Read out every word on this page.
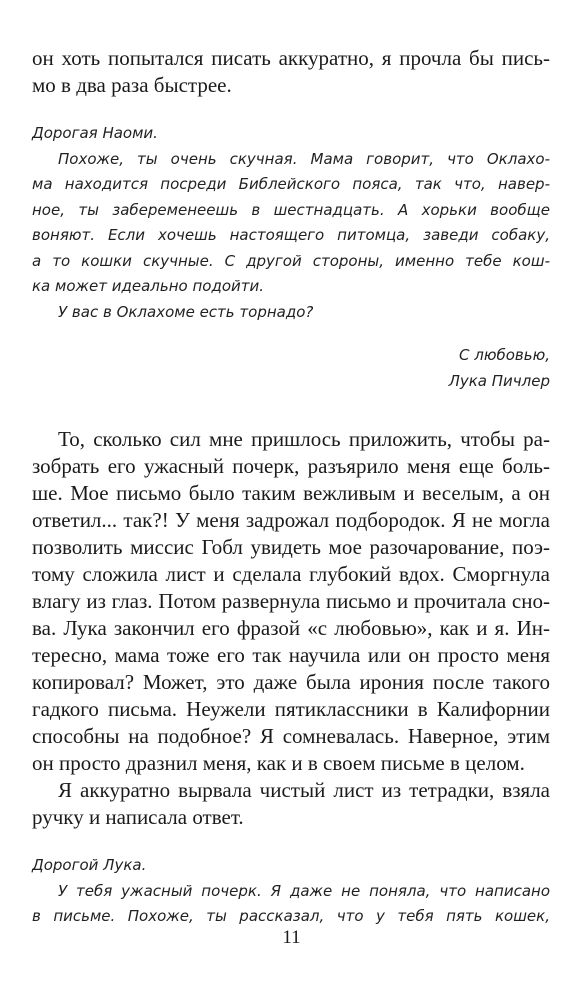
он хоть попытался писать аккуратно, я прочла бы пись-
мо в два раза быстрее.
Дорогая Наоми.
Похоже, ты очень скучная. Мама говорит, что Оклахо-
ма находится посреди Библейского пояса, так что, навер-
ное, ты забеременеешь в шестнадцать. А хорьки вообще
воняют. Если хочешь настоящего питомца, заведи собаку,
а то кошки скучные. С другой стороны, именно тебе кош-
ка может идеально подойти.
У вас в Оклахоме есть торнадо?
С любовью,
Лука Пичлер
То, сколько сил мне пришлось приложить, чтобы ра-
зобрать его ужасный почерк, разъярило меня еще боль-
ше. Мое письмо было таким вежливым и веселым, а он
ответил... так?! У меня задрожал подбородок. Я не могла
позволить миссис Гобл увидеть мое разочарование, поэ-
тому сложила лист и сделала глубокий вдох. Сморгнула
влагу из глаз. Потом развернула письмо и прочитала сно-
ва. Лука закончил его фразой «с любовью», как и я. Ин-
тересно, мама тоже его так научила или он просто меня
копировал? Может, это даже была ирония после такого
гадкого письма. Неужели пятиклассники в Калифорнии
способны на подобное? Я сомневалась. Наверное, этим
он просто дразнил меня, как и в своем письме в целом.
Я аккуратно вырвала чистый лист из тетрадки, взяла
ручку и написала ответ.
Дорогой Лука.
У тебя ужасный почерк. Я даже не поняла, что написано
в письме. Похоже, ты рассказал, что у тебя пять кошек,
11
